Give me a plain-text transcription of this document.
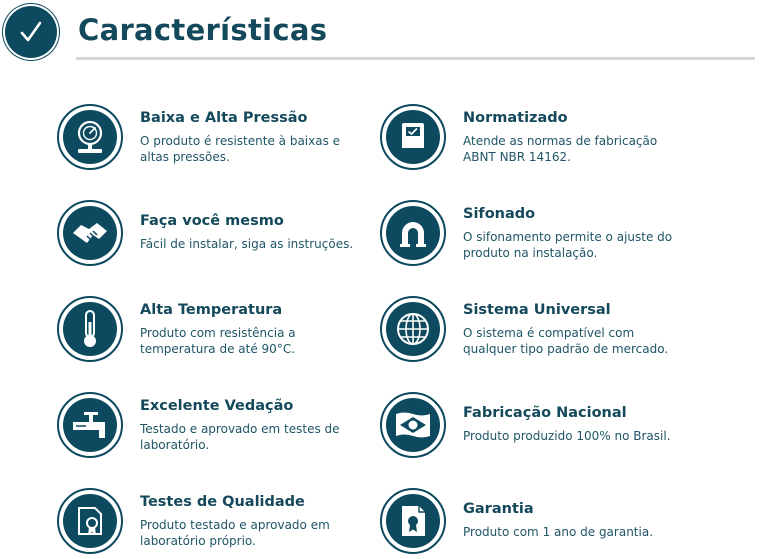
Características
Baixa e Alta Pressão
O produto é resistente à baixas e altas pressões.
Normatizado
Atende as normas de fabricação ABNT NBR 14162.
Faça você mesmo
Fácil de instalar, siga as instruções.
Sifonado
O sifonamento permite o ajuste do produto na instalação.
Alta Temperatura
Produto com resistência a temperatura de até 90°C.
Sistema Universal
O sistema é compatível com qualquer tipo padrão de mercado.
Excelente Vedação
Testado e aprovado em testes de laboratório.
Fabricação Nacional
Produto produzido 100% no Brasil.
Testes de Qualidade
Produto testado e aprovado em laboratório próprio.
Garantia
Produto com 1 ano de garantia.
